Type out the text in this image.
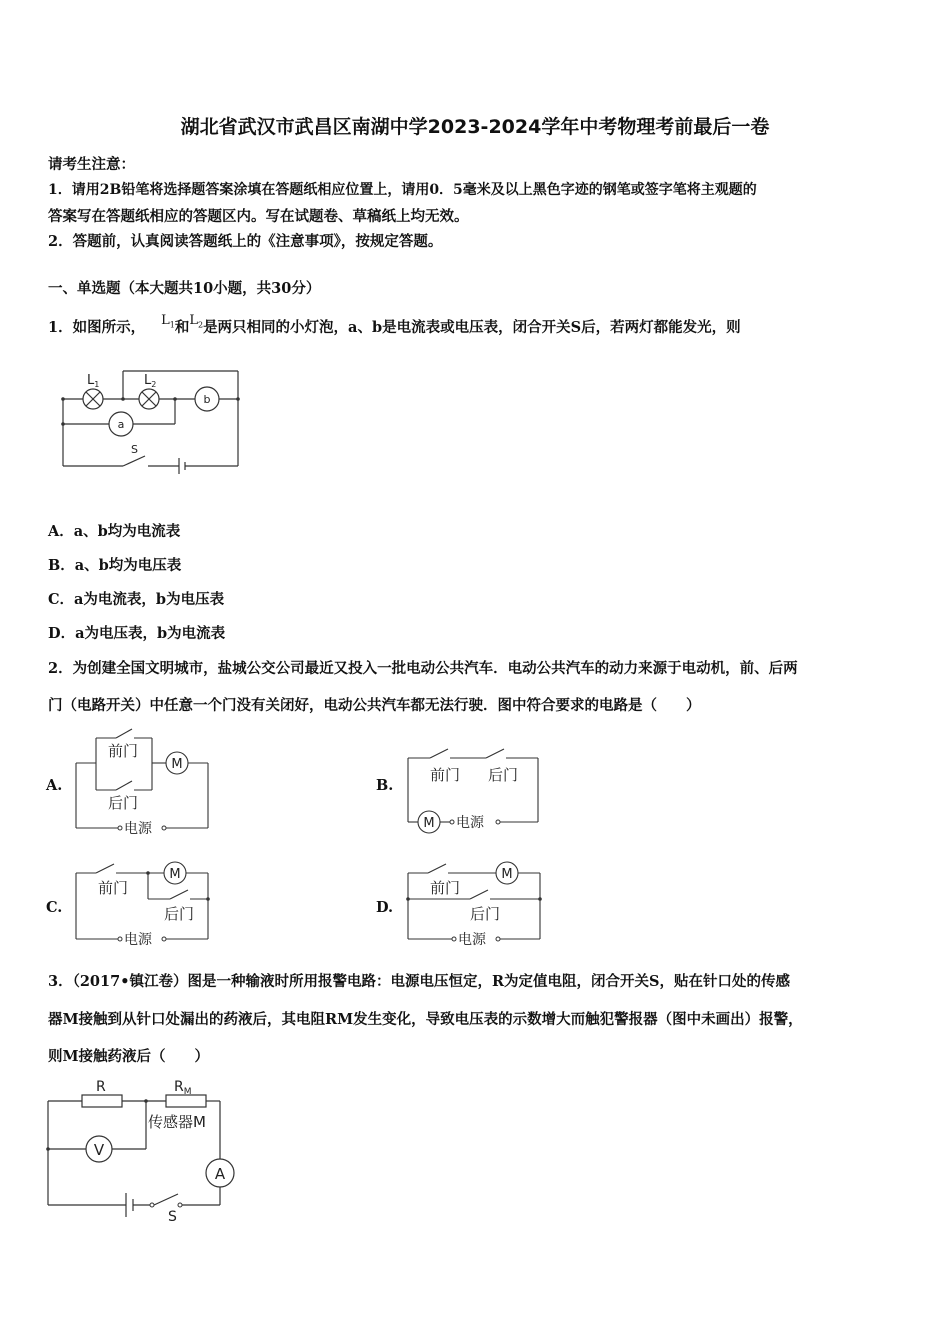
湖北省武汉市武昌区南湖中学2023-2024学年中考物理考前最后一卷
请考生注意：
1．请用2B铅笔将选择题答案涂填在答题纸相应位置上，请用0．5毫米及以上黑色字迹的钢笔或签字笔将主观题的
答案写在答题纸相应的答题区内。写在试题卷、草稿纸上均无效。
2．答题前，认真阅读答题纸上的《注意事项》，按规定答题。
一、单选题（本大题共10小题，共30分）
1．如图所示， $L_1$和$L_2$是两只相同的小灯泡，a、b是电流表或电压表，闭合开关S后，若两灯都能发光，则
b
a
$L_1$	$L_2$
S
A．a、b均为电流表
B．a、b均为电压表
C．a为电流表，b为电压表
D．a为电压表，b为电流表
2．为创建全国文明城市，盐城公交公司最近又投入一批电动公共汽车．电动公共汽车的动力来源于电动机，前、后两
门（电路开关）中任意一个门没有关闭好，电动公共汽车都无法行驶．图中符合要求的电路是（　　）
A.
M
前门
后门
电源
B.
M
前门 后门
电源
C.
M
前门
后门
电源
D.
M
前门
后门
电源
3．（2017•镇江卷）图是一种输液时所用报警电路：电源电压恒定，R为定值电阻，闭合开关S，贴在针口处的传感
器M接触到从针口处漏出的药液后，其电阻RM发生变化，导致电压表的示数增大而触犯警报器（图中未画出）报警，
则M接触药液后（　　）
V
A
R	$R_M$
传感器M
S
